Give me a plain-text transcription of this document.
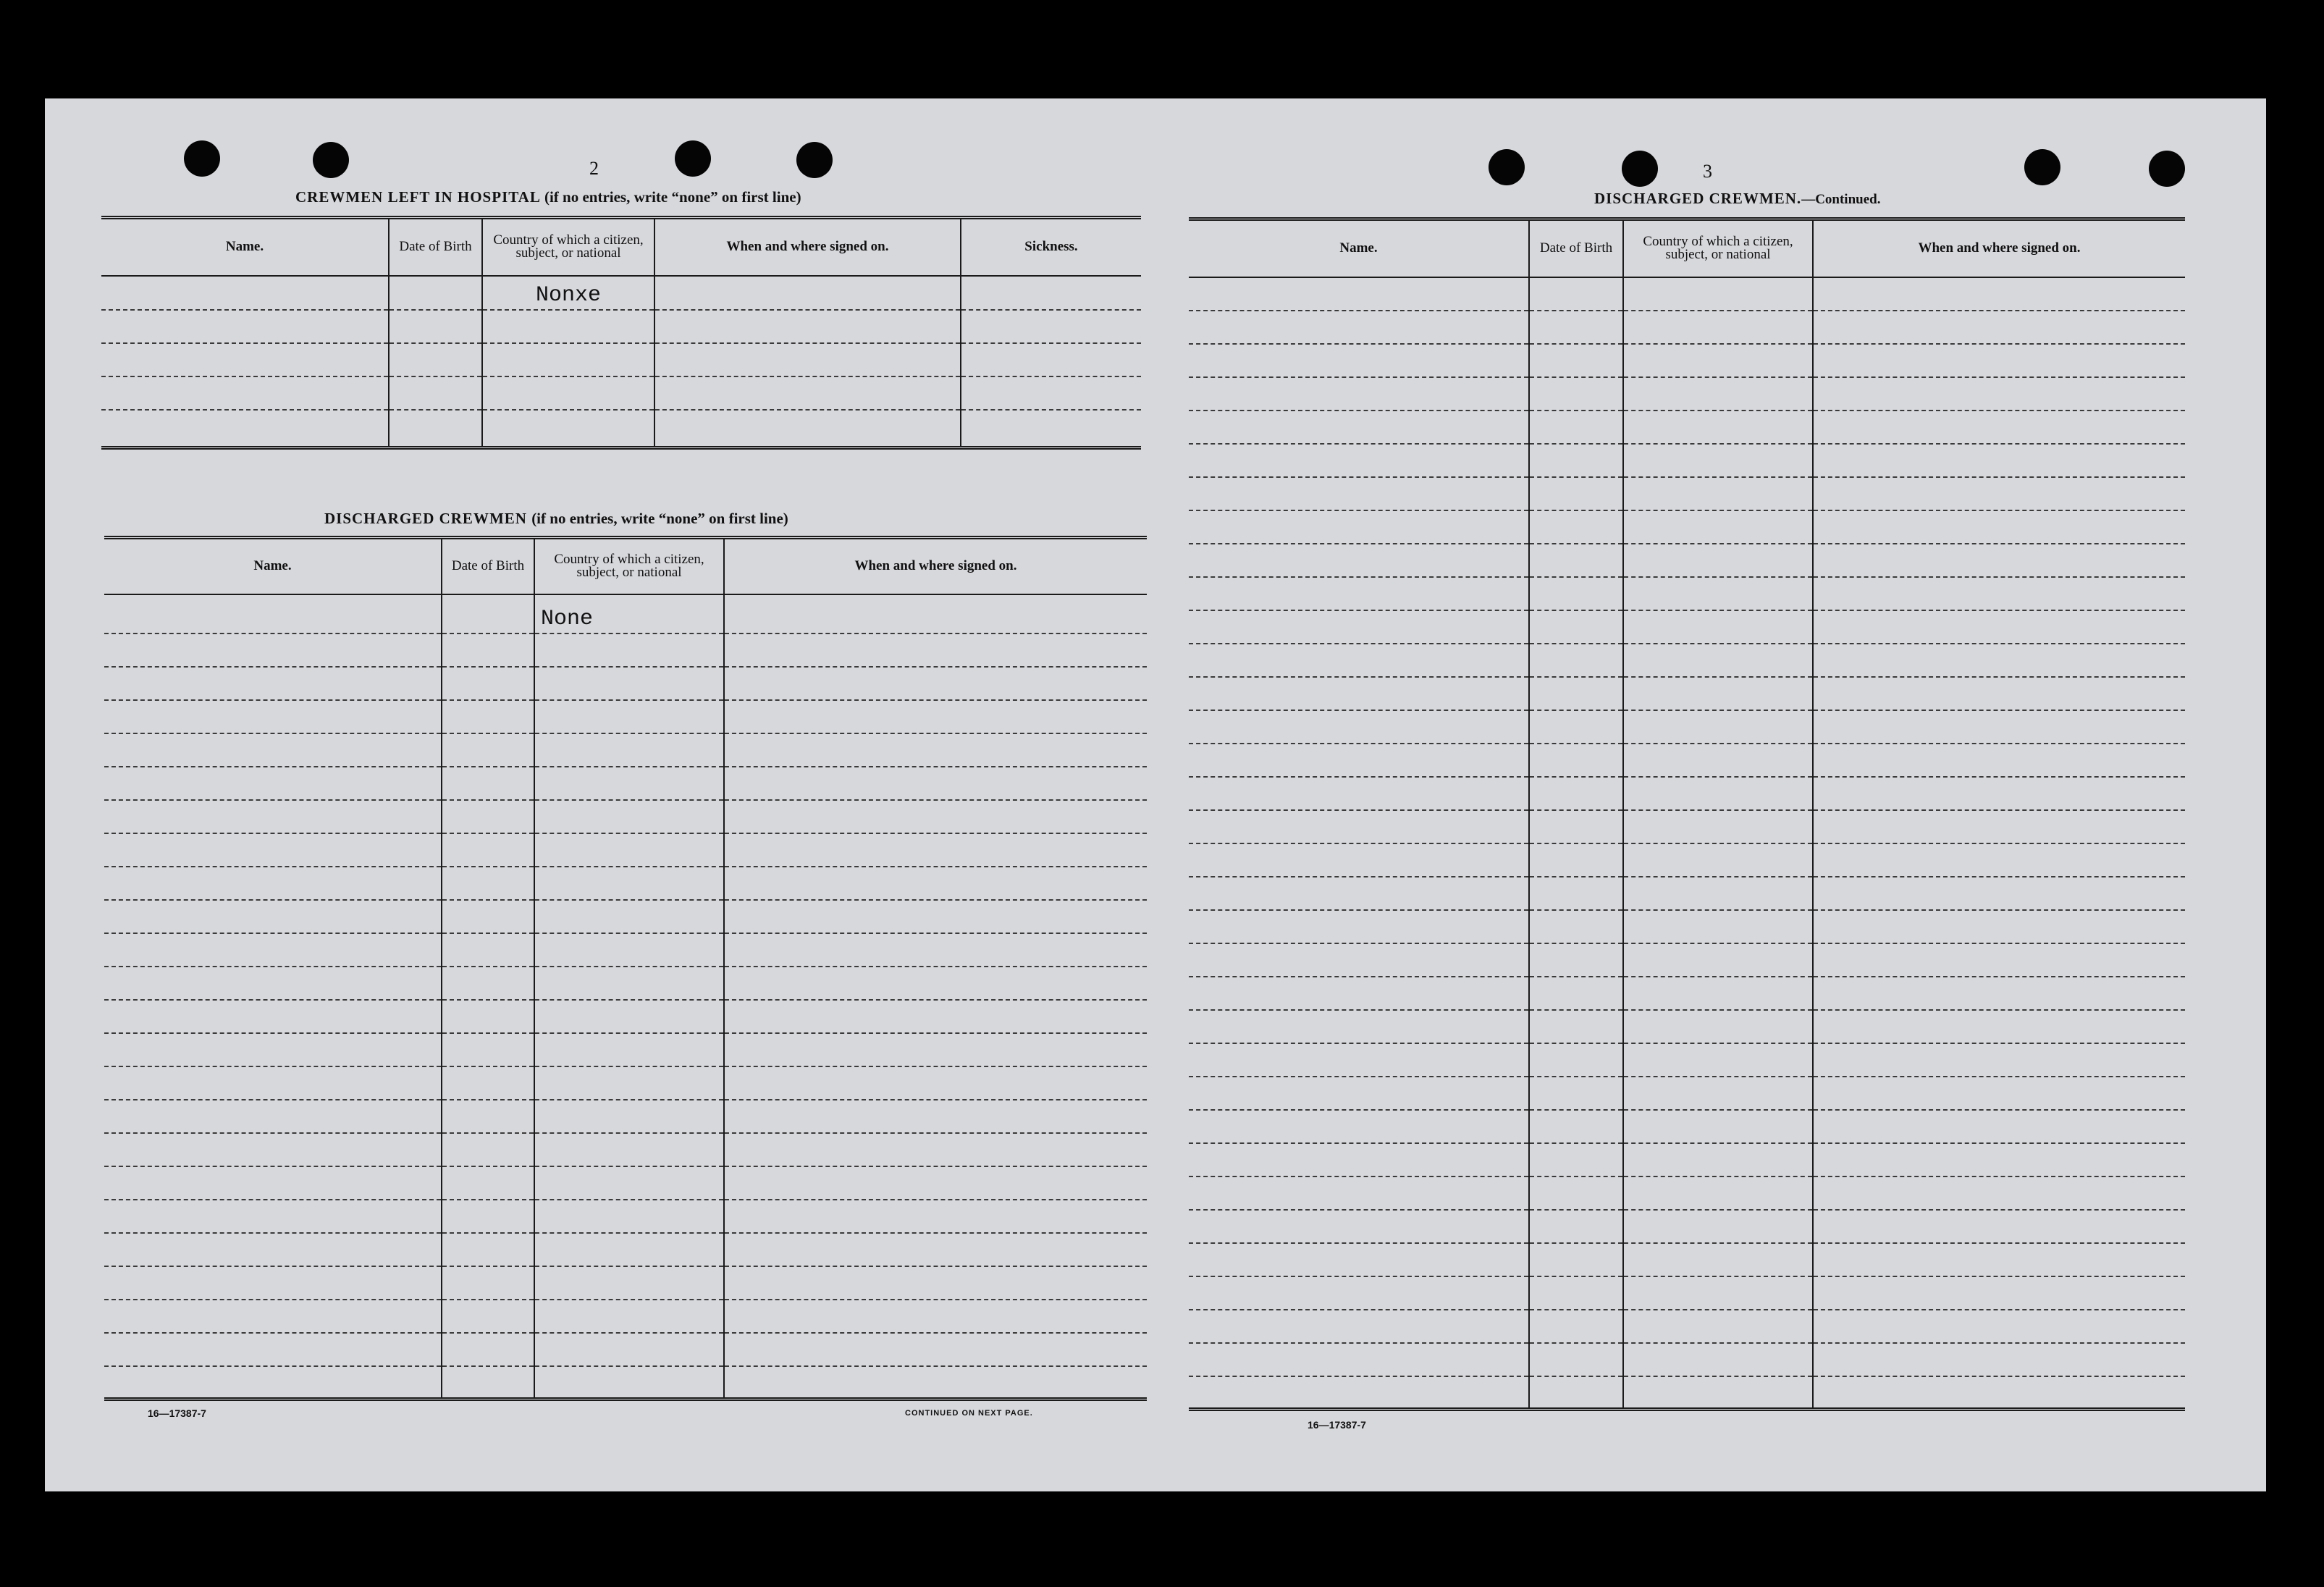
2
CREWMEN LEFT IN HOSPITAL (if no entries, write “none” on first line)
Name.	Date of Birth	Country of which a citizen, subject, or national	When and where signed on.	Sickness.
		Nonxe		

DISCHARGED CREWMEN (if no entries, write “none” on first line)
Name.	Date of Birth	Country of which a citizen, subject, or national	When and where signed on.
		None	

16—17387-7	CONTINUED ON NEXT PAGE.
3
DISCHARGED CREWMEN.—Continued.
Name.	Date of Birth	Country of which a citizen, subject, or national	When and where signed on.

16—17387-7
